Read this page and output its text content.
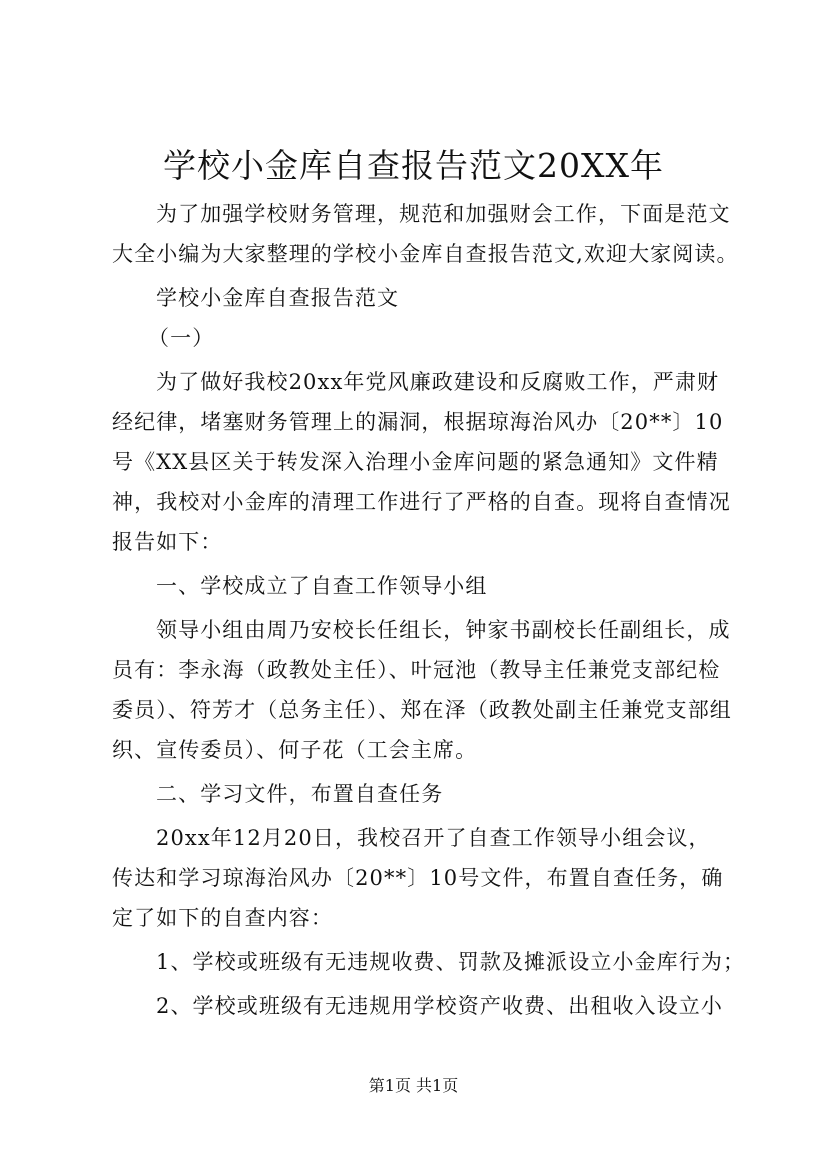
学校小金库自查报告范文20XX年
为了加强学校财务管理，规范和加强财会工作，下面是范文
大全小编为大家整理的学校小金库自查报告范文,欢迎大家阅读。
学校小金库自查报告范文
（一）
为了做好我校20xx年党风廉政建设和反腐败工作，严肃财
经纪律，堵塞财务管理上的漏洞，根据琼海治风办〔20**〕10
号《XX县区关于转发深入治理小金库问题的紧急通知》文件精
神，我校对小金库的清理工作进行了严格的自查。现将自查情况
报告如下：
一、学校成立了自查工作领导小组
领导小组由周乃安校长任组长，钟家书副校长任副组长，成
员有：李永海（政教处主任）、叶冠池（教导主任兼党支部纪检
委员）、符芳才（总务主任）、郑在泽（政教处副主任兼党支部组
织、宣传委员）、何子花（工会主席。
二、学习文件，布置自查任务
20xx年12月20日，我校召开了自查工作领导小组会议，
传达和学习琼海治风办〔20**〕10号文件，布置自查任务，确
定了如下的自查内容：
1、学校或班级有无违规收费、罚款及摊派设立小金库行为；
2、学校或班级有无违规用学校资产收费、出租收入设立小
第1页 共1页
